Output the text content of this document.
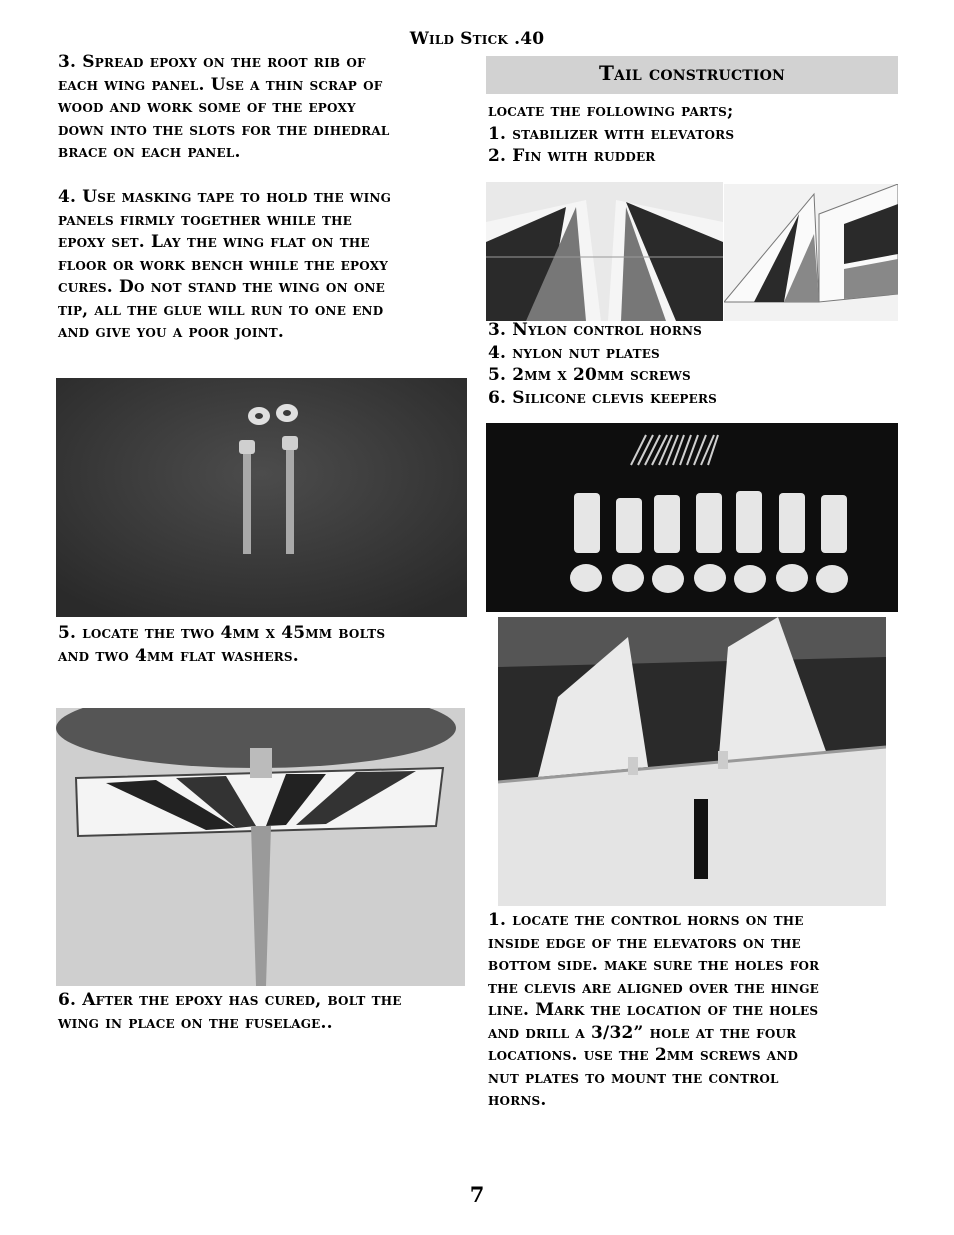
Wild Stick .40

3. Spread epoxy on the root rib of
each wing panel. Use a thin scrap of
wood and work some of the epoxy
down into the slots for the dihedral
brace on each panel.

4. Use masking tape to hold the wing
panels firmly together while the
epoxy set. Lay the wing flat on the
floor or work bench while the epoxy
cures. Do not stand the wing on one
tip, all the glue will run to one end
and give you a poor joint.

5. locate the two 4mm x 45mm bolts
and two 4mm flat washers.

6. After the epoxy has cured, bolt the
wing in place on the fuselage..

Tail construction

locate the following parts;
1. stabilizer with elevators
2. Fin with rudder

3. Nylon control horns
4. nylon nut plates
5. 2mm x 20mm screws
6. Silicone clevis keepers

1. locate the control horns on the
inside edge of the elevators on the
bottom side. make sure the holes for
the clevis are aligned over the hinge
line. Mark the location of the holes
and drill a 3/32” hole at the four
locations. use the 2mm screws and
nut plates to mount the control
horns.

7
